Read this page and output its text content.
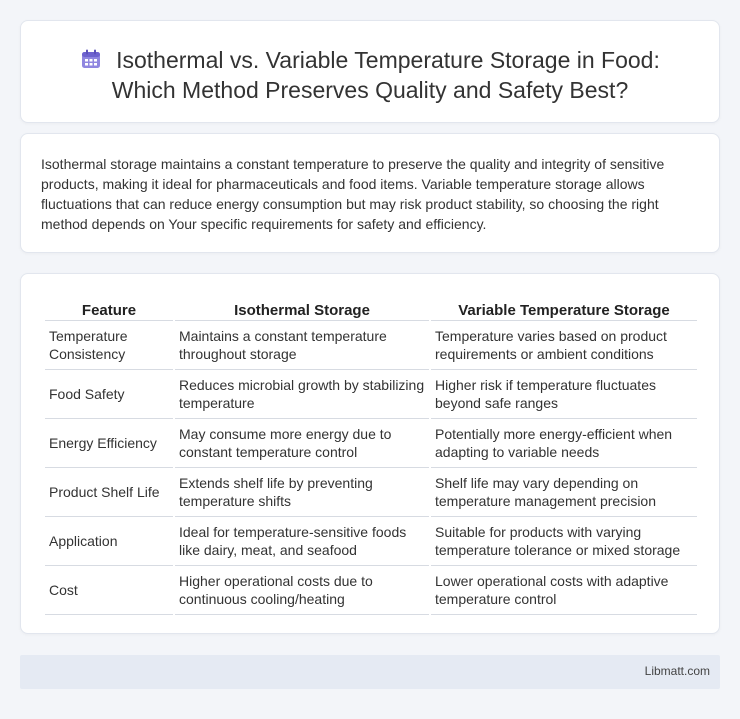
Isothermal vs. Variable Temperature Storage in Food:
Which Method Preserves Quality and Safety Best?

Isothermal storage maintains a constant temperature to preserve the quality and integrity of sensitive products, making it ideal for pharmaceuticals and food items. Variable temperature storage allows fluctuations that can reduce energy consumption but may risk product stability, so choosing the right method depends on Your specific requirements for safety and efficiency.

Feature	Isothermal Storage	Variable Temperature Storage
Temperature Consistency	Maintains a constant temperature throughout storage	Temperature varies based on product requirements or ambient conditions
Food Safety	Reduces microbial growth by stabilizing temperature	Higher risk if temperature fluctuates beyond safe ranges
Energy Efficiency	May consume more energy due to constant temperature control	Potentially more energy-efficient when adapting to variable needs
Product Shelf Life	Extends shelf life by preventing temperature shifts	Shelf life may vary depending on temperature management precision
Application	Ideal for temperature-sensitive foods like dairy, meat, and seafood	Suitable for products with varying temperature tolerance or mixed storage
Cost	Higher operational costs due to continuous cooling/heating	Lower operational costs with adaptive temperature control
Libmatt.com
